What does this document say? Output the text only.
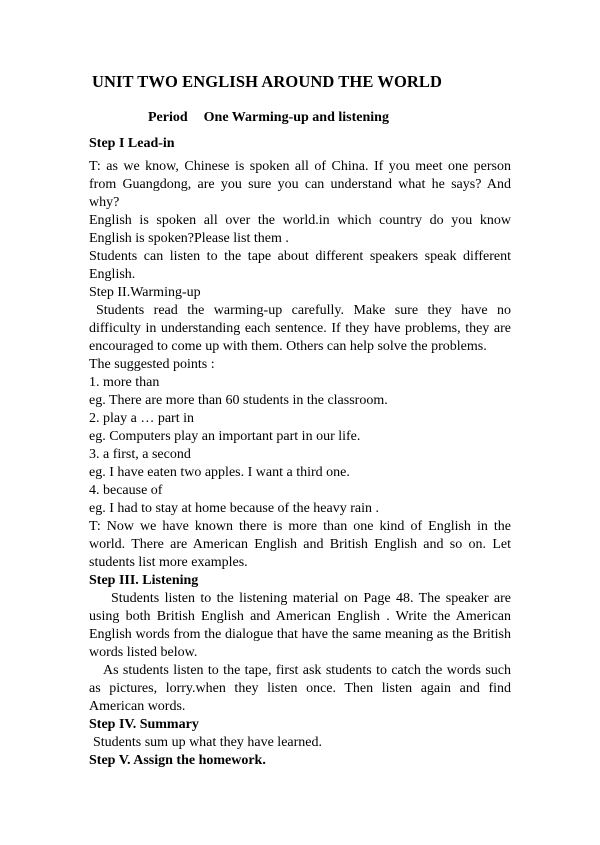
UNIT TWO ENGLISH AROUND THE WORLD
Period One Warming-up and listening

Step I Lead-in

T: as we know, Chinese is spoken all of China. If you meet one person from Guangdong, are you sure you can understand what he says? And why?

English is spoken all over the world.in which country do you know English is spoken?Please list them .

Students can listen to the tape about different speakers speak different English.

Step II.Warming-up

Students read the warming-up carefully. Make sure they have no difficulty in understanding each sentence. If they have problems, they are encouraged to come up with them. Others can help solve the problems.

The suggested points :

1. more than

eg. There are more than 60 students in the classroom.

2. play a … part in

eg. Computers play an important part in our life.

3. a first, a second

eg. I have eaten two apples. I want a third one.

4. because of

eg. I had to stay at home because of the heavy rain .

T: Now we have known there is more than one kind of English in the world. There are American English and British English and so on. Let students list more examples.

Step III. Listening

Students listen to the listening material on Page 48. The speaker are using both British English and American English . Write the American English words from the dialogue that have the same meaning as the British words listed below.

As students listen to the tape, first ask students to catch the words such as pictures, lorry.when they listen once. Then listen again and find American words.

Step IV. Summary

Students sum up what they have learned.

Step V. Assign the homework.
